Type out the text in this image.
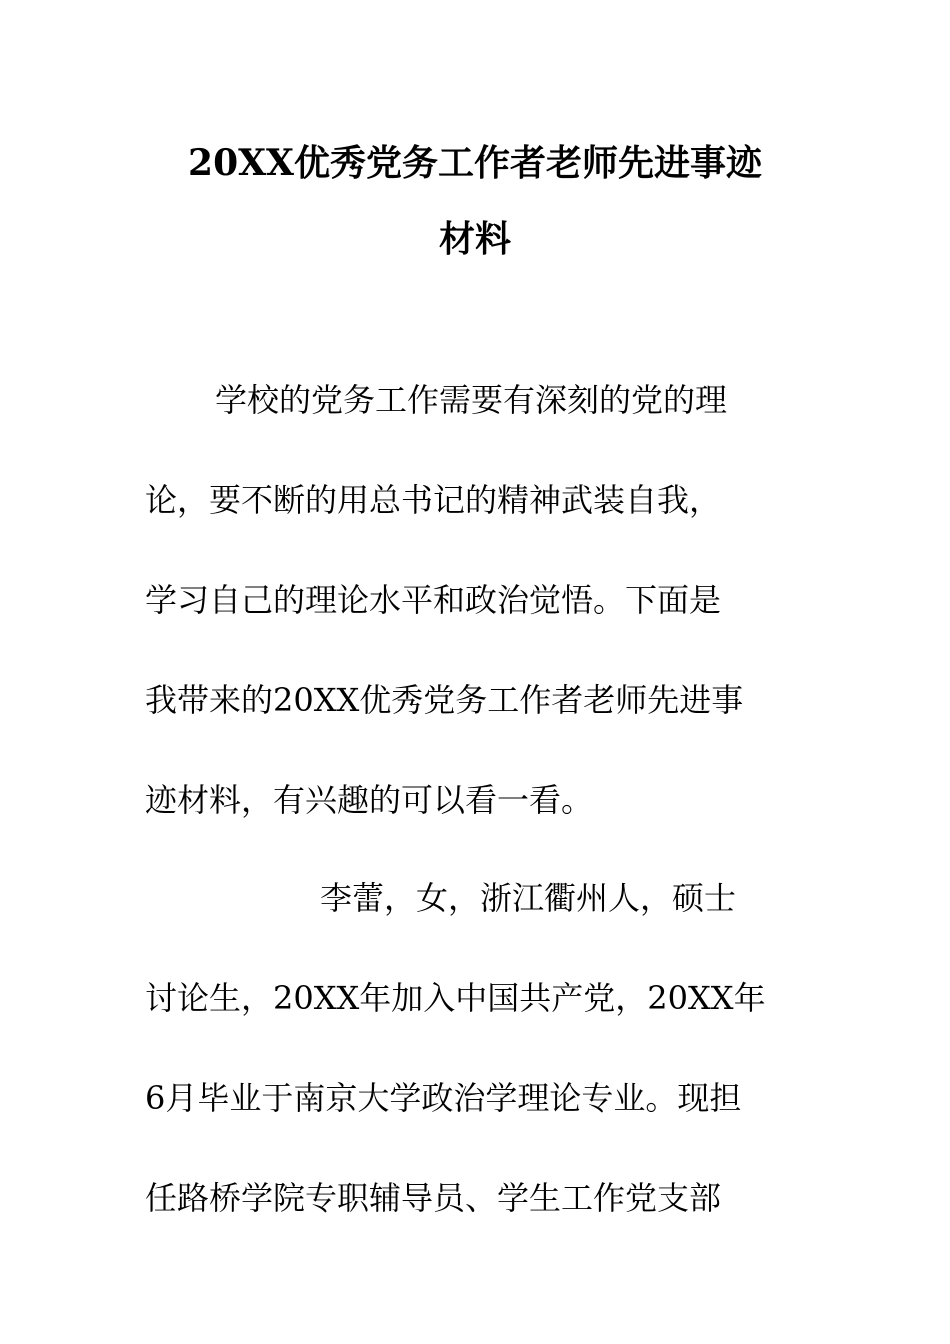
20XX优秀党务工作者老师先进事迹
材料

学校的党务工作需要有深刻的党的理

论，要不断的用总书记的精神武装自我，

学习自己的理论水平和政治觉悟。下面是

我带来的20XX优秀党务工作者老师先进事

迹材料，有兴趣的可以看一看。

李蕾，女，浙江衢州人，硕士

讨论生，20XX年加入中国共产党，20XX年

6月毕业于南京大学政治学理论专业。现担

任路桥学院专职辅导员、学生工作党支部
